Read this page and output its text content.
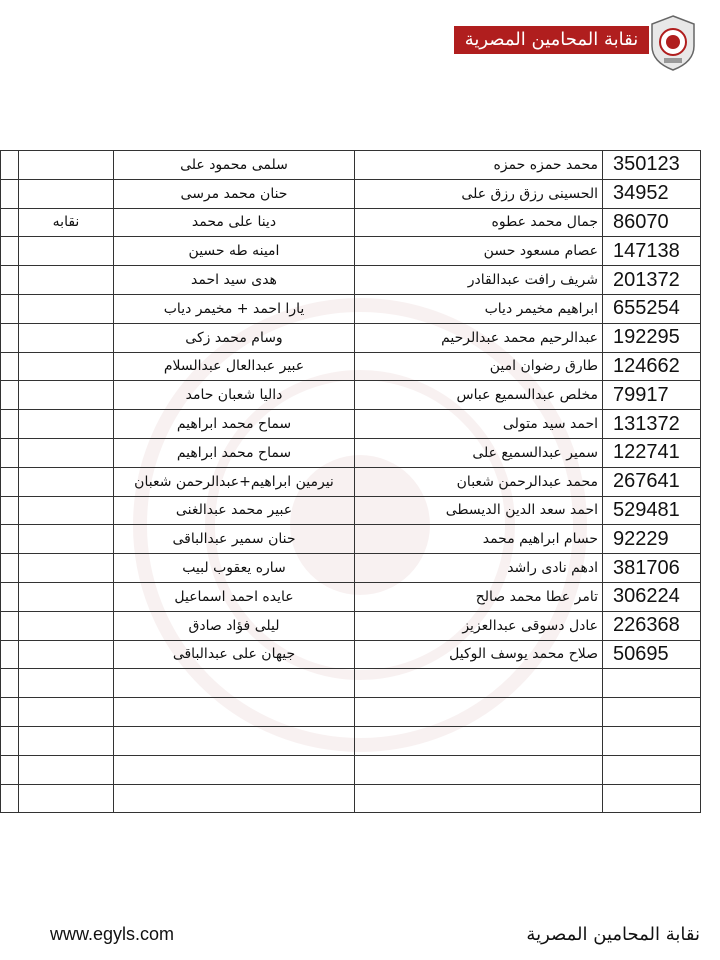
نقابة المحامين المصرية
		سلمى محمود على	محمد حمزه حمزه	350123
		حنان محمد مرسى	الحسينى رزق رزق على	34952
	نقابه	دينا على محمد	جمال محمد عطوه	86070
		امينه طه حسين	عصام مسعود حسن	147138
		هدى سيد احمد	شريف رافت عبدالقادر	201372
		يارا احمد + مخيمر دياب	ابراهيم مخيمر دياب	655254
		وسام محمد زكى	عبدالرحيم محمد عبدالرحيم	192295
		عبير عبدالعال عبدالسلام	طارق رضوان امين	124662
		داليا شعبان حامد	مخلص عبدالسميع عباس	79917
		سماح محمد ابراهيم	احمد سيد متولى	131372
		سماح محمد ابراهيم	سمير عبدالسميع على	122741
		نيرمين ابراهيم+عبدالرحمن شعبان	محمد عبدالرحمن شعبان	267641
		عبير محمد عبدالغنى	احمد سعد الدين الديسطى	529481
		حنان سمير عبدالباقى	حسام ابراهيم محمد	92229
		ساره يعقوب لبيب	ادهم نادى راشد	381706
		عايده احمد اسماعيل	تامر عطا محمد صالح	306224
		ليلى فؤاد صادق	عادل دسوقى عبدالعزيز	226368
		جيهان على عبدالباقى	صلاح محمد يوسف الوكيل	50695

www.egyls.com	نقابة المحامين المصرية
